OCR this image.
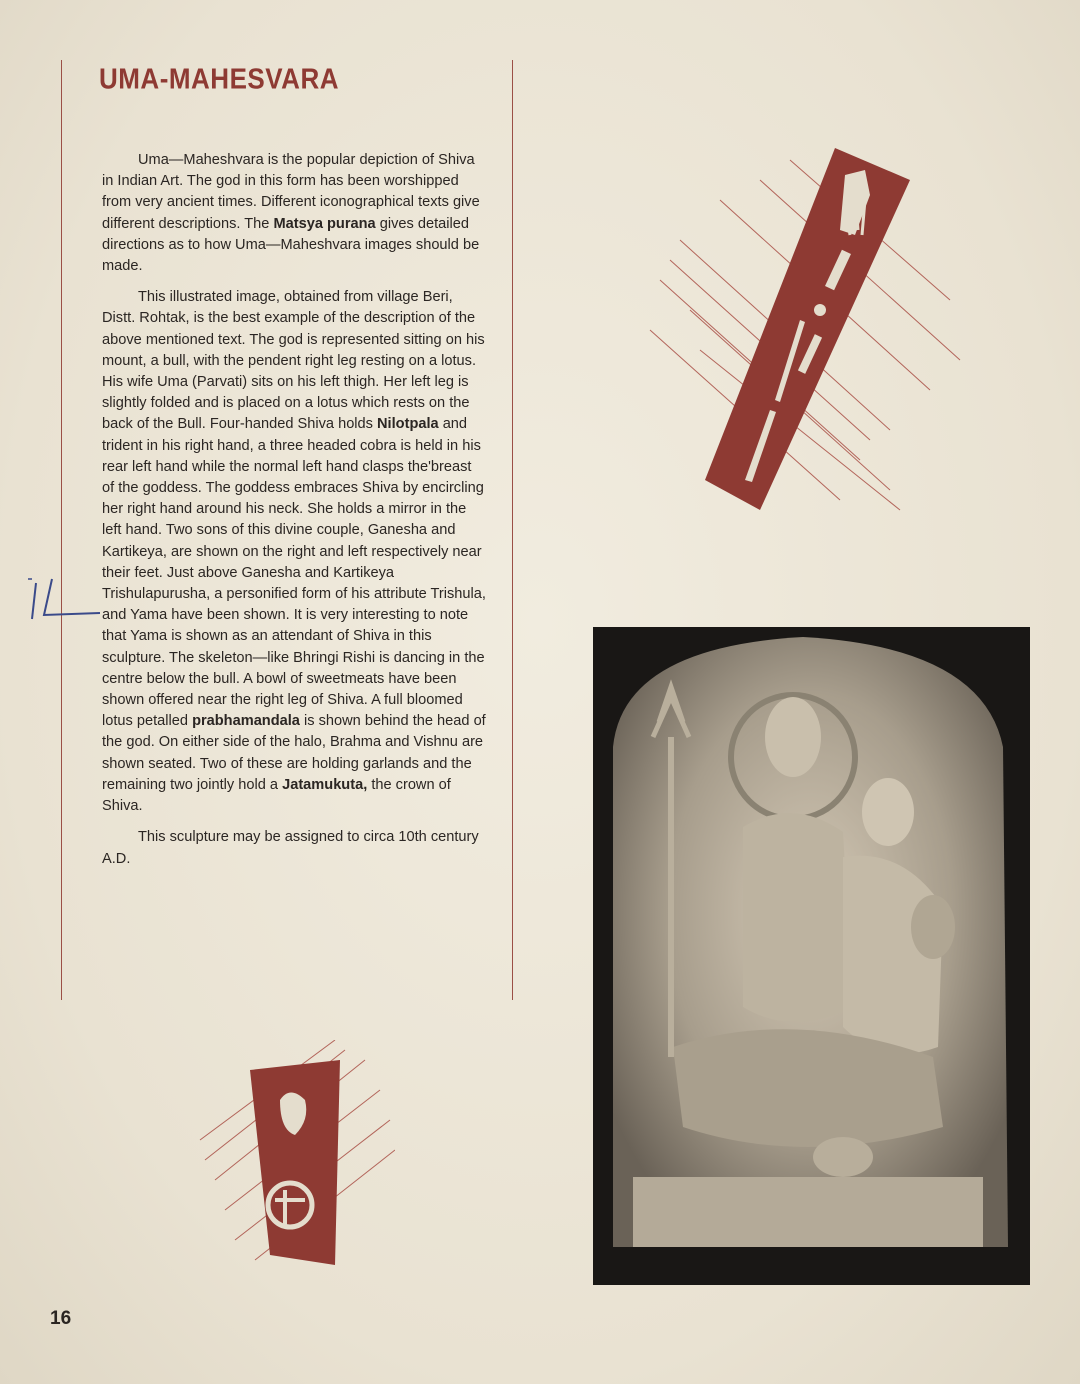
UMA-MAHESVARA

Uma—Maheshvara is the popular depiction of Shiva in Indian Art. The god in this form has been worshipped from very ancient times. Different iconographical texts give different descriptions. The Matsya purana gives detailed directions as to how Uma—Maheshvara images should be made.

This illustrated image, obtained from village Beri, Distt. Rohtak, is the best example of the description of the above mentioned text. The god is represented sitting on his mount, a bull, with the pendent right leg resting on a lotus. His wife Uma (Parvati) sits on his left thigh. Her left leg is slightly folded and is placed on a lotus which rests on the back of the Bull. Four-handed Shiva holds Nilotpala and trident in his right hand, a three headed cobra is held in his rear left hand while the normal left hand clasps the'breast of the goddess. The goddess embraces Shiva by encircling her right hand around his neck. She holds a mirror in the left hand. Two sons of this divine couple, Ganesha and Kartikeya, are shown on the right and left respectively near their feet. Just above Ganesha and Kartikeya Trishulapurusha, a personified form of his attribute Trishula, and Yama have been shown. It is very interesting to note that Yama is shown as an attendant of Shiva in this sculpture. The skeleton—like Bhringi Rishi is dancing in the centre below the bull. A bowl of sweetmeats have been shown offered near the right leg of Shiva. A full bloomed lotus petalled prabhamandala is shown behind the head of the god. On either side of the halo, Brahma and Vishnu are shown seated. Two of these are holding garlands and the remaining two jointly hold a Jatamukuta, the crown of Shiva.

This sculpture may be assigned to circa 10th century A.D.

16
